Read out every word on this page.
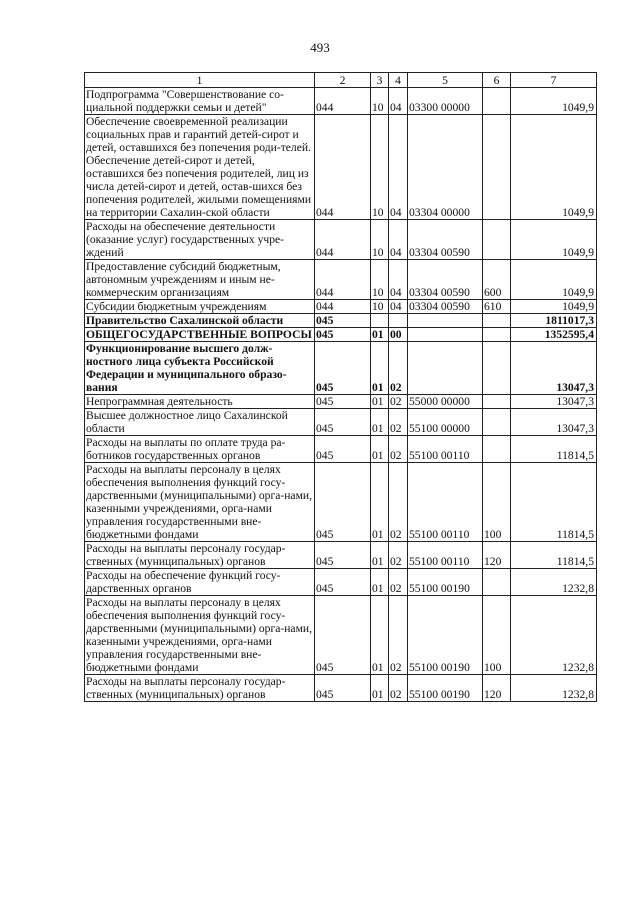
493
1	2	3	4	5	6	7
Подпрограмма "Совершенствование со-циальной поддержки семьи и детей"	044	10	04	03300 00000		1049,9
Обеспечение своевременной реализации социальных прав и гарантий детей-сирот и детей, оставшихся без попечения роди-телей. Обеспечение детей-сирот и детей, оставшихся без попечения родителей, лиц из числа детей-сирот и детей, остав-шихся без попечения родителей, жилыми помещениями на территории Сахалин-ской области	044	10	04	03304 00000		1049,9
Расходы на обеспечение деятельности (оказание услуг) государственных учре-ждений	044	10	04	03304 00590		1049,9
Предоставление субсидий бюджетным, автономным учреждениям и иным не-коммерческим организациям	044	10	04	03304 00590	600	1049,9
Субсидии бюджетным учреждениям	044	10	04	03304 00590	610	1049,9
Правительство Сахалинской области	045					1811017,3
ОБЩЕГОСУДАРСТВЕННЫЕ ВОПРОСЫ	045	01	00			1352595,4
Функционирование высшего долж-ностного лица субъекта Российской Федерации и муниципального образо-вания	045	01	02			13047,3
Непрограммная деятельность	045	01	02	55000 00000		13047,3
Высшее должностное лицо Сахалинской области	045	01	02	55100 00000		13047,3
Расходы на выплаты по оплате труда ра-ботников государственных органов	045	01	02	55100 00110		11814,5
Расходы на выплаты персоналу в целях обеспечения выполнения функций госу-дарственными (муниципальными) орга-нами, казенными учреждениями, орга-нами управления государственными вне-бюджетными фондами	045	01	02	55100 00110	100	11814,5
Расходы на выплаты персоналу государ-ственных (муниципальных) органов	045	01	02	55100 00110	120	11814,5
Расходы на обеспечение функций госу-дарственных органов	045	01	02	55100 00190		1232,8
Расходы на выплаты персоналу в целях обеспечения выполнения функций госу-дарственными (муниципальными) орга-нами, казенными учреждениями, орга-нами управления государственными вне-бюджетными фондами	045	01	02	55100 00190	100	1232,8
Расходы на выплаты персоналу государ-ственных (муниципальных) органов	045	01	02	55100 00190	120	1232,8
